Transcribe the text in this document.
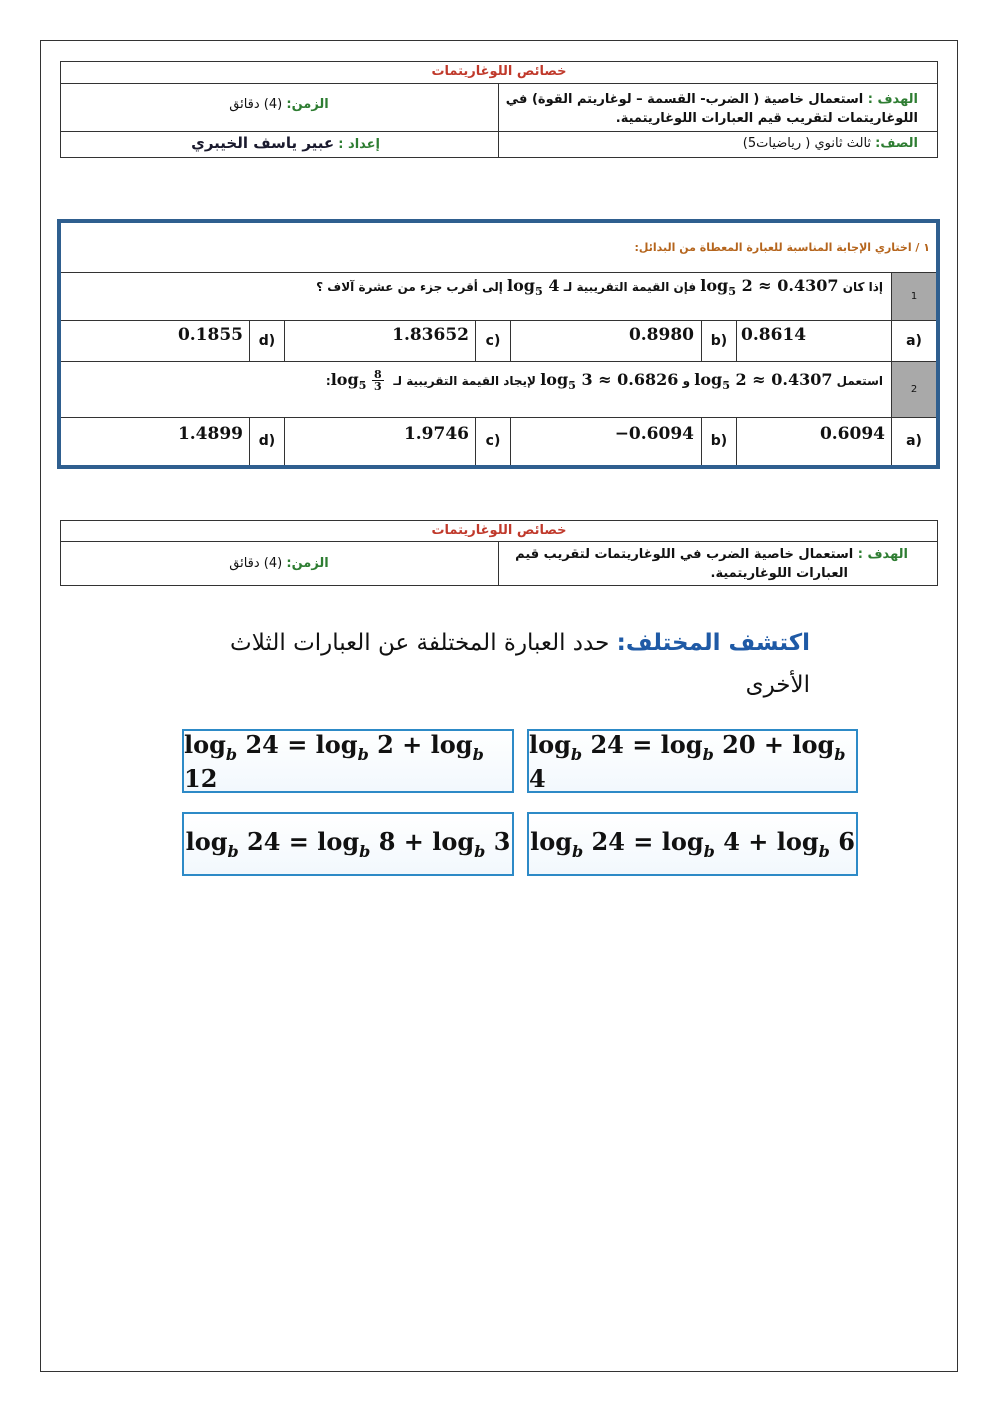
خصائص اللوغاريتمات
الهدف : استعمال خاصية ( الضرب- القسمة – لوغاريتم القوة) في
اللوغاريتمات لتقريب قيم العبارات اللوغاريتمية.
الزمن: (4) دقائق
الصف: ثالث ثانوي ( رياضيات5)
إعداد : عبير ياسف الخيبري
١ / اختاري الإجابة المناسبة للعبارة المعطاة من البدائل:
1
إذا كان $\log_5 2 \approx 0.4307$ فإن القيمة التقريبية لـ $\log_5 4$ إلى أقرب جزء من عشرة آلاف ؟
a)
0.8614
b)
0.8980
c)
1.83652
d)
0.1855
2
استعمل $\log_5 2 \approx 0.4307$ و $\log_5 3 \approx 0.6826$ لإيجاد القيمة التقريبية لـ $\log_5 \frac{8}{3}$
:
a)
0.6094
b)
−0.6094
c)
1.9746
d)
1.4899
خصائص اللوغاريتمات
الهدف : استعمال خاصية الضرب في اللوغاريتمات لتقريب قيم
العبارات اللوغاريتمية.
الزمن: (4) دقائق
اكتشف المختلف: حدد العبارة المختلفة عن العبارات الثلاث
الأخرى
$\log_b 24 = \log_b 20 + \log_b 4$
$\log_b 24 = \log_b 2 + \log_b 12$
$\log_b 24 = \log_b 4 + \log_b 6$
$\log_b 24 = \log_b 8 + \log_b 3$
